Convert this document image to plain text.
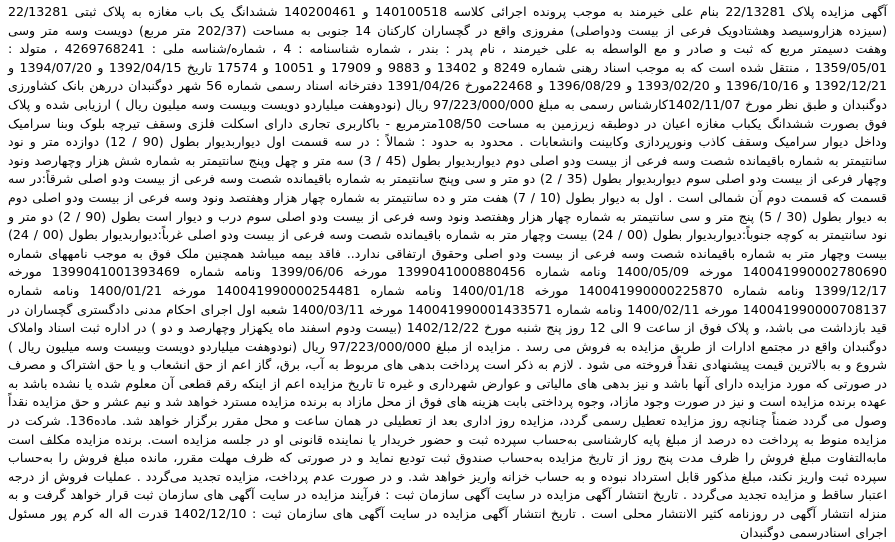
آگهی مزایده پلاک 22/13281 بنام علی خیرمند به موجب پرونده اجرائی کلاسه 140100518 و 140200461 ششدانگ یک باب مغازه به پلاک ثبتی 22/13281 (سیزده هزاروسیصد وهشتادویک فرعی از بیست ودواصلی) مفروزی واقع در گچساران کارکنان 14 جنوبی به مساحت (202/37 متر مربع) دویست وسه متر وسی وهفت دسیمتر مربع که ثبت و صادر و مع الواسطه به علی خیرمند ، نام پدر : بندر ، شماره شناسنامه : 4 ، شماره/شناسه ملی : 4269768241 ، متولد : 1359/05/01 ، منتقل شده است که به موجب اسناد رهنی شماره 8249 و 13402 و 9883 و 17909 و 10051 و 17574 تاریخ 1392/04/15 و 1394/07/20 و 1392/12/21 و 1396/10/16 و 1393/02/20 و 1396/08/29 و 22468مورخ 1391/04/26 دفترخانه اسناد رسمی شماره 56 شهر دوگنبدان دررهن بانک کشاورزی دوگنبدان و طبق نظر مورخ 1402/11/07کارشناس رسمی به مبلغ 97/223/000/000 ریال (نودوهفت میلیاردو دویست وبیست وسه میلیون ریال ) ارزیابی شده و پلاک فوق بصورت ششدانگ یکباب مغازه اعیان در دوطبقه زیرزمین به مساحت 108/50مترمربع - باکاربری تجاری دارای اسکلت فلزی وسقف تیرچه بلوک وبنا سرامیک وداخل دیوار سرامیک وسقف کاذب ونورپردازی وکابینت وانشعابات . محدود به حدود : شمالاً : در سه قسمت اول دیواربدیوار بطول (90 / 12) دوازده متر و نود سانتیمتر به شماره باقیمانده شصت وسه فرعی از بیست ودو اصلی دوم دیواربدیوار بطول (45 / 3) سه متر و چهل وپنج سانتیمتر به شماره شش هزار وچهارصد ونود وچهار فرعی از بیست ودو اصلی سوم دیواربدیوار بطول (35 / 2) دو متر و سی وپنج سانتیمتر به شماره باقیمانده شصت وسه فرعی از بیست ودو اصلی شرقاً:در سه قسمت که قسمت دوم آن شمالی است . اول به دیوار بطول (10 / 7) هفت متر و ده سانتیمتر به شماره چهار هزار وهفتصد ونود وسه فرعی از بیست ودو اصلی دوم به دیوار بطول (30 / 5) پنج متر و سی سانتیمتر به شماره چهار هزار وهفتصد ونود وسه فرعی از بیست ودو اصلی سوم درب و دیوار است بطول (90 / 2) دو متر و نود سانتیمتر به کوچه جنوباً:دیواربدیوار بطول (00 / 24) بیست وچهار متر به شماره باقیمانده شصت وسه فرعی از بیست ودو اصلی غرباً:دیواربدیوار بطول (00 / 24) بیست وچهار متر به شماره باقیمانده شصت وسه فرعی از بیست ودو اصلی وحقوق ارتفاقی ندارد.. فاقد بیمه میباشد همچنین ملک فوق به موجب نامههای شماره 140041990002780690 مورخه 1400/05/09 ونامه شماره 1399041000880456 مورخه 1399/06/06 ونامه شماره 1399041001393469 مورخه 1399/12/17 ونامه شماره 140041990000225870 مورخه 1400/01/18 ونامه شماره 140041990000254481 مورخه 1400/01/21 ونامه شماره 140041990000708137 مورخه 1400/02/11 ونامه شماره 140041990001433571 مورخه 1400/03/11 شعبه اول اجرای احکام مدنی دادگستری گچساران در قید بازداشت می باشد، و پلاک فوق از ساعت 9 الی 12 روز پنج شنبه مورخ 1402/12/22 (بیست ودوم اسفند ماه یکهزار وچهارصد و دو ) در اداره ثبت اسناد واملاک دوگنبدان واقع در مجتمع ادارات از طریق مزایده به فروش می رسد . مزایده از مبلغ 97/223/000/000 ریال (نودوهفت میلیاردو دویست وبیست وسه میلیون ریال ) شروع و به بالاترین قیمت پیشنهادی نقداً فروخته می شود . لازم به ذکر است پرداخت بدهی های مربوط به آب، برق، گاز اعم از حق انشعاب و یا حق اشتراک و مصرف در صورتی که مورد مزایده دارای آنها باشد و نیز بدهی های مالیاتی و عوارض شهرداری و غیره تا تاریخ مزایده اعم از اینکه رقم قطعی آن معلوم شده یا نشده باشد به عهده برنده مزایده است و نیز در صورت وجود مازاد، وجوه پرداختی بابت هزینه های فوق از محل مازاد به برنده مزایده مسترد خواهد شد و نیم عشر و حق مزایده نقداً وصول می گردد ضمناً چنانچه روز مزایده تعطیل رسمی گردد، مزایده روز اداری بعد از تعطیلی در همان ساعت و محل مقرر برگزار خواهد شد. ماده136. شرکت در مزایده منوط به پرداخت ده درصد از مبلغ پایه کارشناسی به‌حساب سپرده ثبت و حضور خریدار یا نماینده قانونی او در جلسه مزایده است. برنده مزایده مکلف است مابه‌التفاوت مبلغ فروش را ظرف مدت پنج روز از تاریخ مزایده به‌حساب صندوق ثبت تودیع نماید و در صورتی که ظرف مهلت مقرر، مانده مبلغ فروش را به‌حساب سپرده ثبت واریز نکند، مبلغ مذکور قابل استرداد نبوده و به حساب خزانه واریز خواهد شد. و در صورت عدم پرداخت، مزایده تجدید می‌گردد . عملیات فروش از درجه اعتبار ساقط و مزایده تجدید می‌گردد . تاریخ انتشار آگهی مزایده در سایت آگهی سازمان ثبت : فرآیند مزایده در سایت آگهی های سازمان ثبت قرار خواهد گرفت و به منزله انتشار آگهی در روزنامه کثیر الانتشار محلی است . تاریخ انتشار آگهی مزایده در سایت آگهی های سازمان ثبت : 1402/12/10 قدرت اله اله کرم پور مسئول اجرای اسنادرسمی دوگنبدان
